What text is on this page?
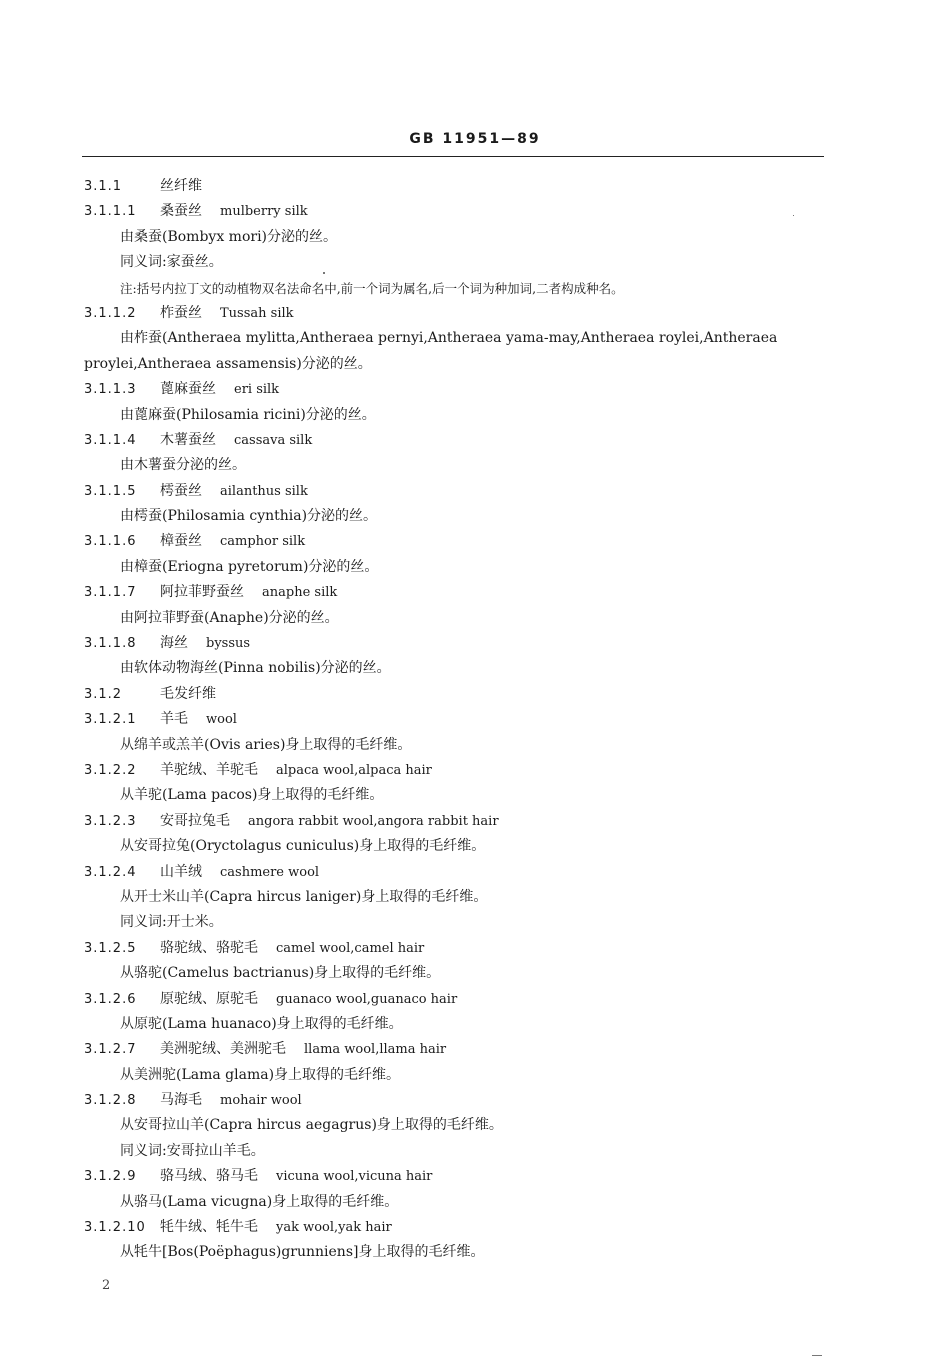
GB 11951—89
3.1.1	丝纤维
3.1.1.1 桑蚕丝 mulberry silk
由桑蚕(Bombyx mori)分泌的丝。
同义词:家蚕丝。
注:括号内拉丁文的动植物双名法命名中,前一个词为属名,后一个词为种加词,二者构成种名。
3.1.1.2 柞蚕丝 Tussah silk
由柞蚕(Antheraea mylitta,Antheraea pernyi,Antheraea yama-may,Antheraea roylei,Antheraea
proylei,Antheraea assamensis)分泌的丝。
3.1.1.3 蓖麻蚕丝 eri silk
由蓖麻蚕(Philosamia ricini)分泌的丝。
3.1.1.4 木薯蚕丝 cassava silk
由木薯蚕分泌的丝。
3.1.1.5 樗蚕丝 ailanthus silk
由樗蚕(Philosamia cynthia)分泌的丝。
3.1.1.6 樟蚕丝 camphor silk
由樟蚕(Eriogna pyretorum)分泌的丝。
3.1.1.7 阿拉菲野蚕丝 anaphe silk
由阿拉菲野蚕(Anaphe)分泌的丝。
3.1.1.8 海丝 byssus
由软体动物海丝(Pinna nobilis)分泌的丝。
3.1.2	毛发纤维
3.1.2.1 羊毛 wool
从绵羊或羔羊(Ovis aries)身上取得的毛纤维。
3.1.2.2 羊驼绒、羊驼毛 alpaca wool,alpaca hair
从羊驼(Lama pacos)身上取得的毛纤维。
3.1.2.3 安哥拉兔毛 angora rabbit wool,angora rabbit hair
从安哥拉兔(Oryctolagus cuniculus)身上取得的毛纤维。
3.1.2.4 山羊绒 cashmere wool
从开士米山羊(Capra hircus laniger)身上取得的毛纤维。
同义词:开士米。
3.1.2.5 骆驼绒、骆驼毛 camel wool,camel hair
从骆驼(Camelus bactrianus)身上取得的毛纤维。
3.1.2.6 原驼绒、原驼毛 guanaco wool,guanaco hair
从原驼(Lama huanaco)身上取得的毛纤维。
3.1.2.7 美洲驼绒、美洲驼毛 llama wool,llama hair
从美洲驼(Lama glama)身上取得的毛纤维。
3.1.2.8 马海毛 mohair wool
从安哥拉山羊(Capra hircus aegagrus)身上取得的毛纤维。
同义词:安哥拉山羊毛。
3.1.2.9 骆马绒、骆马毛 vicuna wool,vicuna hair
从骆马(Lama vicugna)身上取得的毛纤维。
3.1.2.10 牦牛绒、牦牛毛 yak wool,yak hair
从牦牛[Bos(Poëphagus)grunniens]身上取得的毛纤维。
2
